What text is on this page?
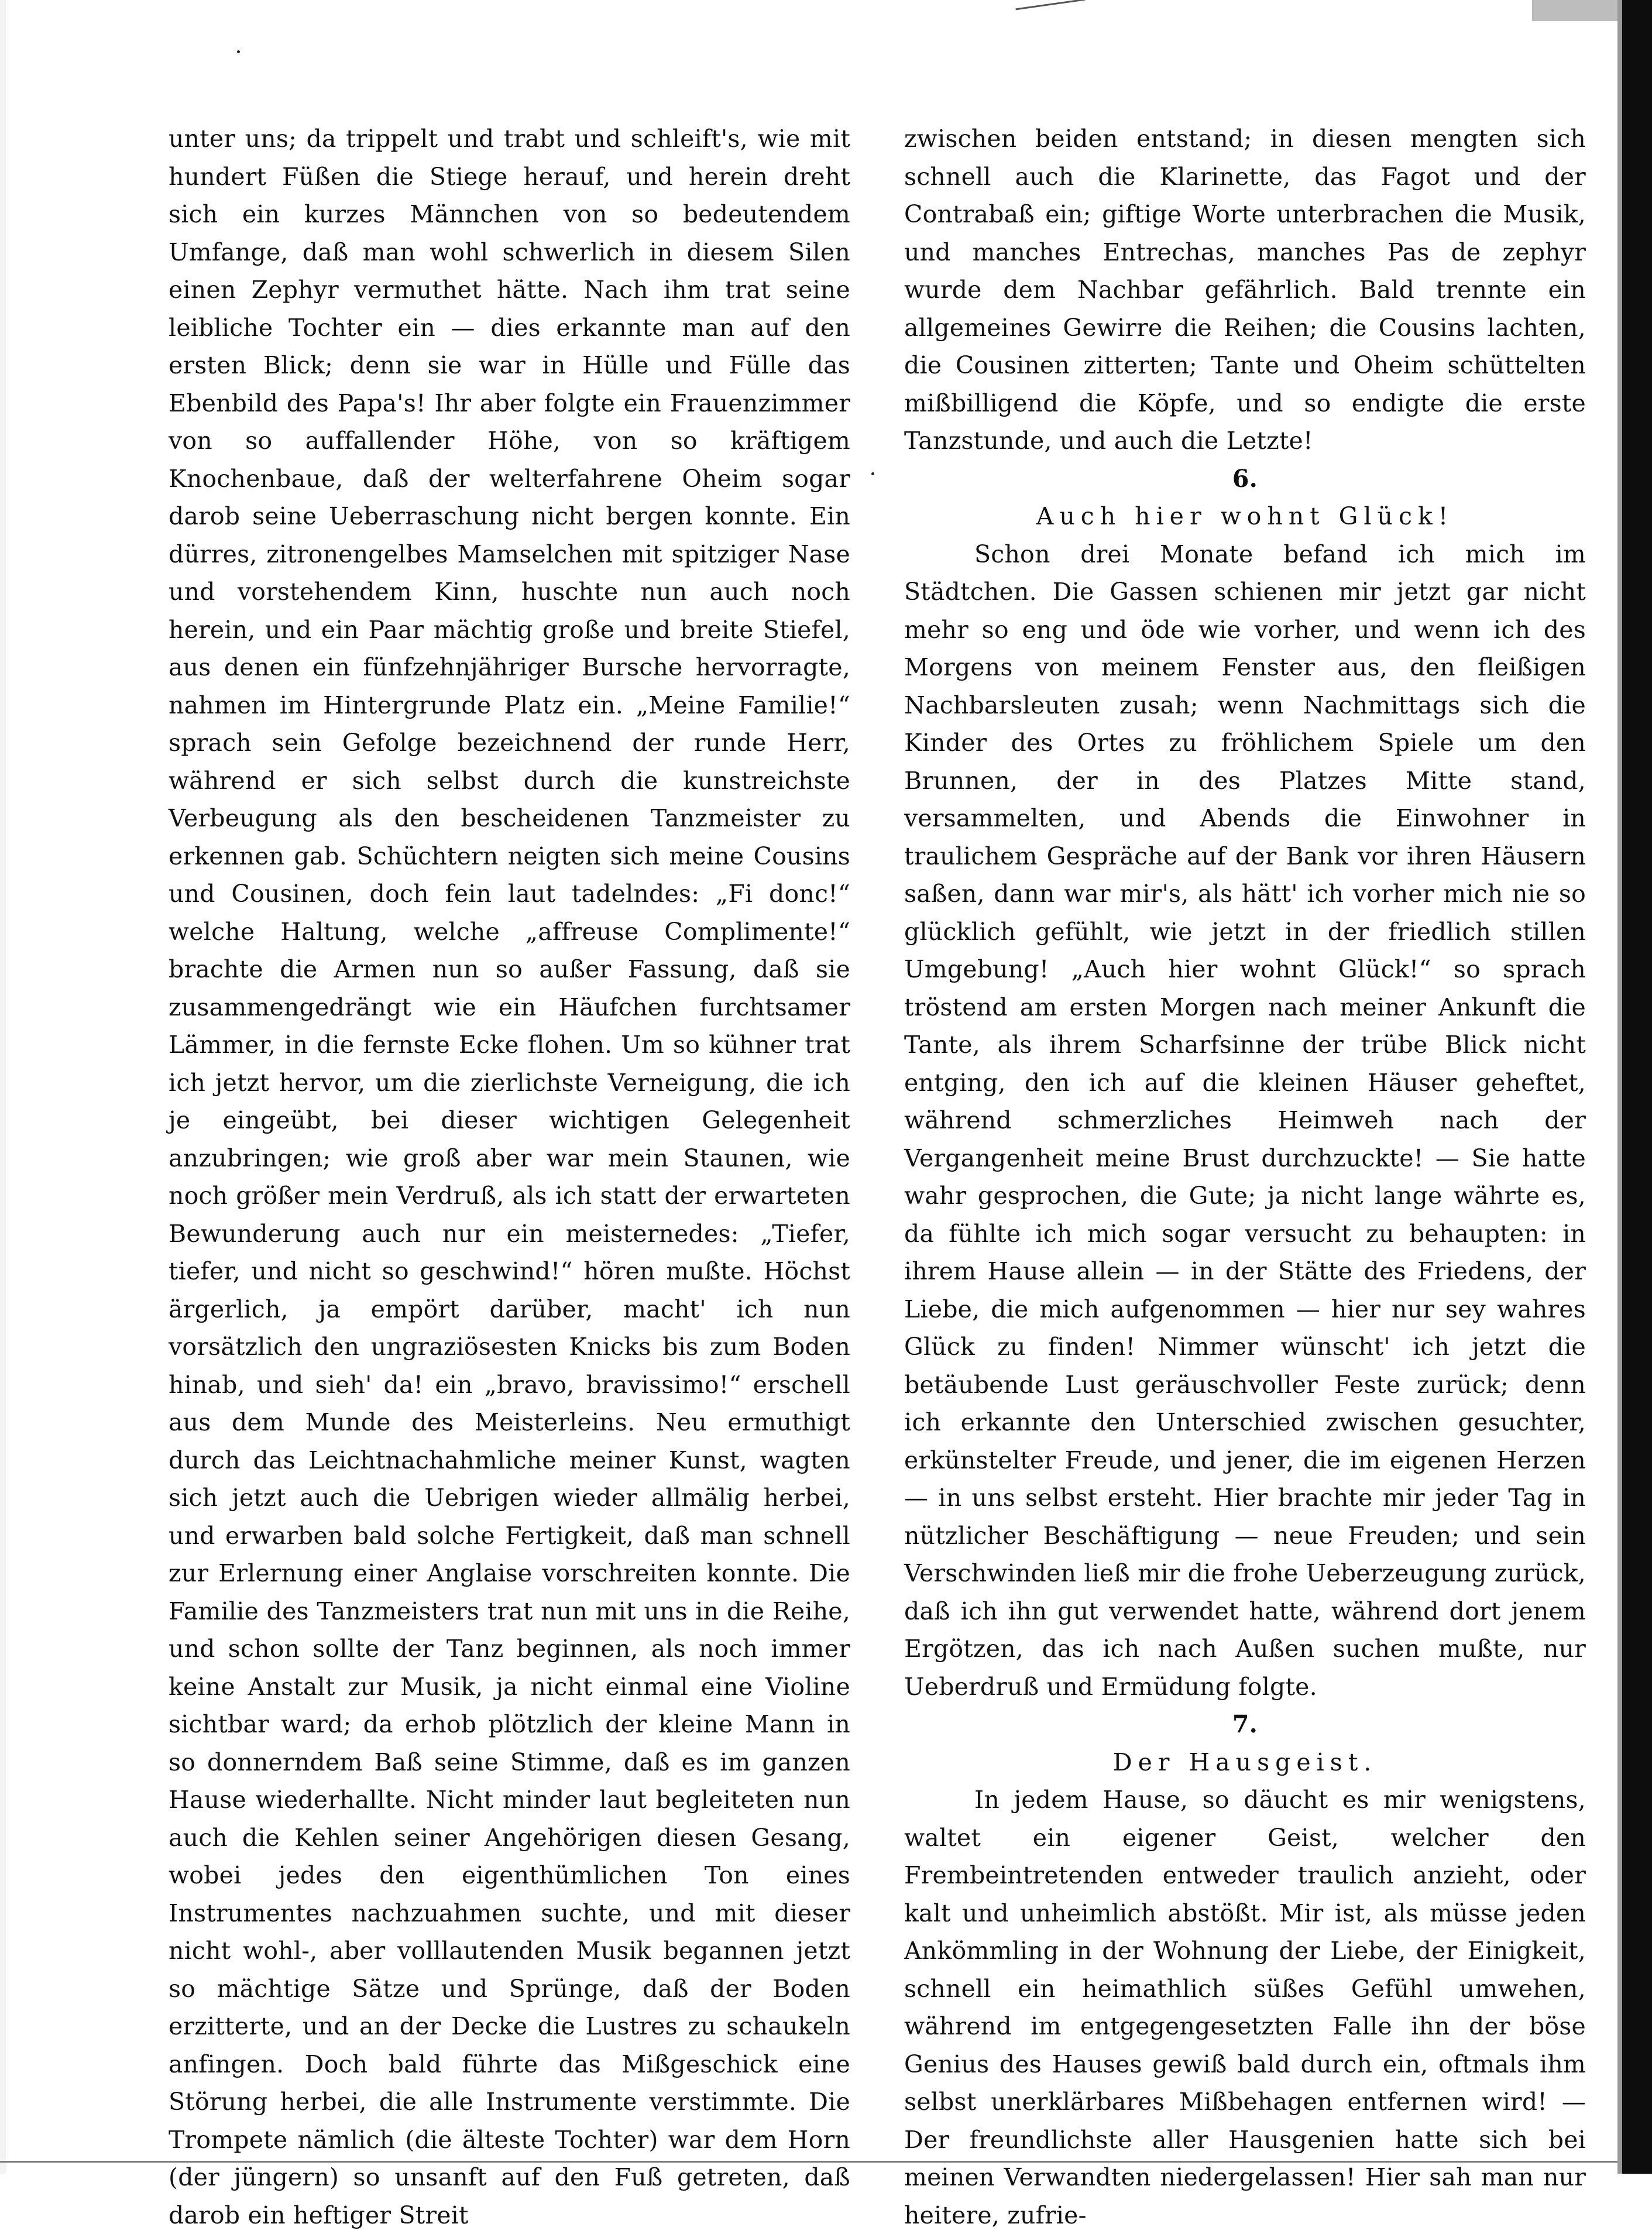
unter uns; da trippelt und trabt und schleift's, wie mit hundert Füßen die Stiege herauf, und herein dreht sich ein kurzes Männchen von so bedeutendem Umfange, daß man wohl schwerlich in diesem Silen einen Zephyr vermuthet hätte. Nach ihm trat seine leibliche Tochter ein — dies erkannte man auf den ersten Blick; denn sie war in Hülle und Fülle das Ebenbild des Papa's! Ihr aber folgte ein Frauenzimmer von so auffallender Höhe, von so kräftigem Knochenbaue, daß der welterfahrene Oheim sogar darob seine Ueberraschung nicht bergen konnte. Ein dürres, zitronengelbes Mamselchen mit spitziger Nase und vorstehendem Kinn, huschte nun auch noch herein, und ein Paar mächtig große und breite Stiefel, aus denen ein fünfzehnjähriger Bursche hervorragte, nahmen im Hintergrunde Platz ein. „Meine Familie!“ sprach sein Gefolge bezeichnend der runde Herr, während er sich selbst durch die kunstreichste Verbeugung als den bescheidenen Tanzmeister zu erkennen gab. Schüchtern neigten sich meine Cousins und Cousinen, doch fein laut tadelndes: „Fi donc!“ welche Haltung, welche „affreuse Complimente!“ brachte die Armen nun so außer Fassung, daß sie zusammengedrängt wie ein Häufchen furchtsamer Lämmer, in die fernste Ecke flohen. Um so kühner trat ich jetzt hervor, um die zierlichste Verneigung, die ich je eingeübt, bei dieser wichtigen Gelegenheit anzubringen; wie groß aber war mein Staunen, wie noch größer mein Verdruß, als ich statt der erwarteten Bewunderung auch nur ein meisternedes: „Tiefer, tiefer, und nicht so geschwind!“ hören mußte. Höchst ärgerlich, ja empört darüber, macht' ich nun vorsätzlich den ungraziösesten Knicks bis zum Boden hinab, und sieh' da! ein „bravo, bravissimo!“ erschell aus dem Munde des Meisterleins. Neu ermuthigt durch das Leichtnachahmliche meiner Kunst, wagten sich jetzt auch die Uebrigen wieder allmälig herbei, und erwarben bald solche Fertigkeit, daß man schnell zur Erlernung einer Anglaise vorschreiten konnte. Die Familie des Tanzmeisters trat nun mit uns in die Reihe, und schon sollte der Tanz beginnen, als noch immer keine Anstalt zur Musik, ja nicht einmal eine Violine sichtbar ward; da erhob plötzlich der kleine Mann in so donnerndem Baß seine Stimme, daß es im ganzen Hause wiederhallte. Nicht minder laut begleiteten nun auch die Kehlen seiner Angehörigen diesen Gesang, wobei jedes den eigenthümlichen Ton eines Instrumentes nachzuahmen suchte, und mit dieser nicht wohl-, aber volllautenden Musik begannen jetzt so mächtige Sätze und Sprünge, daß der Boden erzitterte, und an der Decke die Lustres zu schaukeln anfingen. Doch bald führte das Mißgeschick eine Störung herbei, die alle Instrumente verstimmte. Die Trompete nämlich (die älteste Tochter) war dem Horn (der jüngern) so unsanft auf den Fuß getreten, daß darob ein heftiger Streit

zwischen beiden entstand; in diesen mengten sich schnell auch die Klarinette, das Fagot und der Contrabaß ein; giftige Worte unterbrachen die Musik, und manches Entrechas, manches Pas de zephyr wurde dem Nachbar gefährlich. Bald trennte ein allgemeines Gewirre die Reihen; die Cousins lachten, die Cousinen zitterten; Tante und Oheim schüttelten mißbilligend die Köpfe, und so endigte die erste Tanzstunde, und auch die Letzte!

6.

Auch hier wohnt Glück!

Schon drei Monate befand ich mich im Städtchen. Die Gassen schienen mir jetzt gar nicht mehr so eng und öde wie vorher, und wenn ich des Morgens von meinem Fenster aus, den fleißigen Nachbarsleuten zusah; wenn Nachmittags sich die Kinder des Ortes zu fröhlichem Spiele um den Brunnen, der in des Platzes Mitte stand, versammelten, und Abends die Einwohner in traulichem Gespräche auf der Bank vor ihren Häusern saßen, dann war mir's, als hätt' ich vorher mich nie so glücklich gefühlt, wie jetzt in der friedlich stillen Umgebung! „Auch hier wohnt Glück!“ so sprach tröstend am ersten Morgen nach meiner Ankunft die Tante, als ihrem Scharfsinne der trübe Blick nicht entging, den ich auf die kleinen Häuser geheftet, während schmerzliches Heimweh nach der Vergangenheit meine Brust durchzuckte! — Sie hatte wahr gesprochen, die Gute; ja nicht lange währte es, da fühlte ich mich sogar versucht zu behaupten: in ihrem Hause allein — in der Stätte des Friedens, der Liebe, die mich aufgenommen — hier nur sey wahres Glück zu finden! Nimmer wünscht' ich jetzt die betäubende Lust geräuschvoller Feste zurück; denn ich erkannte den Unterschied zwischen gesuchter, erkünstelter Freude, und jener, die im eigenen Herzen — in uns selbst ersteht. Hier brachte mir jeder Tag in nützlicher Beschäftigung — neue Freuden; und sein Verschwinden ließ mir die frohe Ueberzeugung zurück, daß ich ihn gut verwendet hatte, während dort jenem Ergötzen, das ich nach Außen suchen mußte, nur Ueberdruß und Ermüdung folgte.

7.

Der Hausgeist.

In jedem Hause, so däucht es mir wenigstens, waltet ein eigener Geist, welcher den Frembeintretenden entweder traulich anzieht, oder kalt und unheimlich abstößt. Mir ist, als müsse jeden Ankömmling in der Wohnung der Liebe, der Einigkeit, schnell ein heimathlich süßes Gefühl umwehen, während im entgegengesetzten Falle ihn der böse Genius des Hauses gewiß bald durch ein, oftmals ihm selbst unerklärbares Mißbehagen entfernen wird! — Der freundlichste aller Hausgenien hatte sich bei meinen Verwandten niedergelassen! Hier sah man nur heitere, zufrie-
